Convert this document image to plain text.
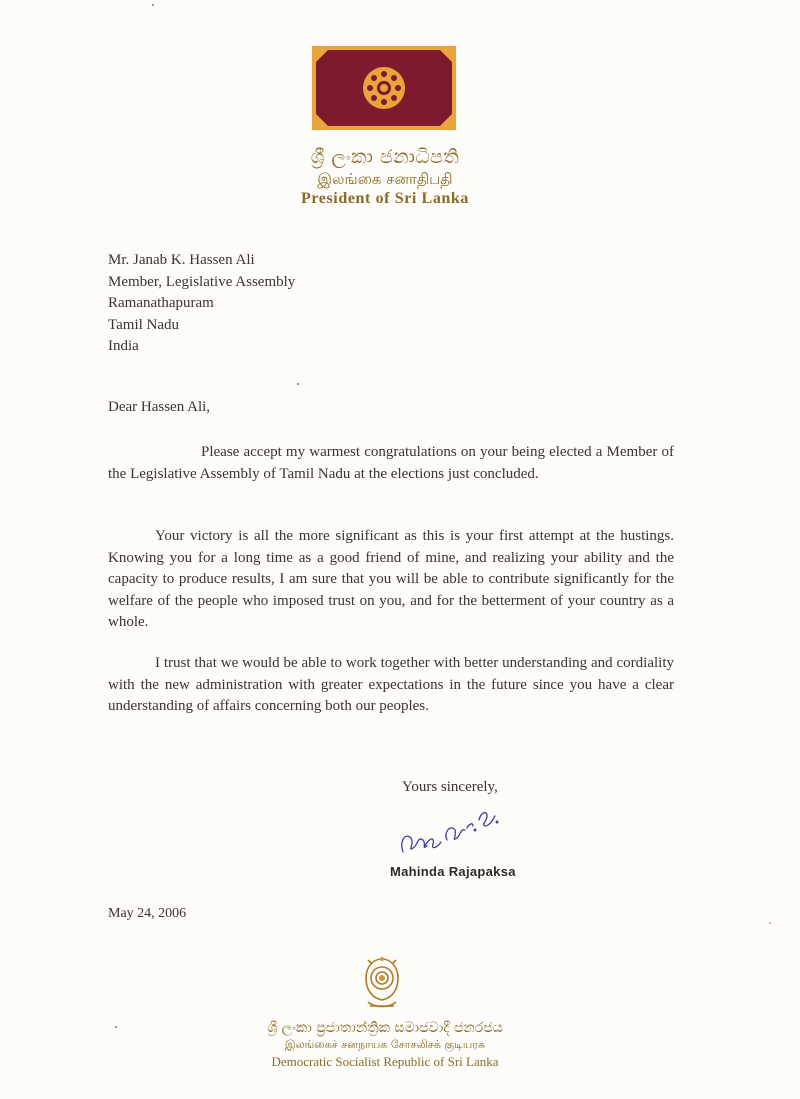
ශ්‍රී ලංකා ජනාධිපති
இலங்கை சனாதிபதி
President of Sri Lanka
Mr. Janab K. Hassen Ali
Member, Legislative Assembly
Ramanathapuram
Tamil Nadu
India
Dear Hassen Ali,
Please accept my warmest congratulations on your being elected a Member of the Legislative Assembly of Tamil Nadu at the elections just concluded.
Your victory is all the more significant as this is your first attempt at the hustings. Knowing you for a long time as a good friend of mine, and realizing your ability and the capacity to produce results, I am sure that you will be able to contribute significantly for the welfare of the people who imposed trust on you, and for the betterment of your country as a whole.
I trust that we would be able to work together with better understanding and cordiality with the new administration with greater expectations in the future since you have a clear understanding of affairs concerning both our peoples.
Yours sincerely,
Mahinda Rajapaksa
May 24, 2006
ශ්‍රී ලංකා ප්‍රජාතාන්ත්‍රික සමාජවාදී ජනරජය
இலங்கைச் சனநாயக சோசலிசக் குடியரசு
Democratic Socialist Republic of Sri Lanka
